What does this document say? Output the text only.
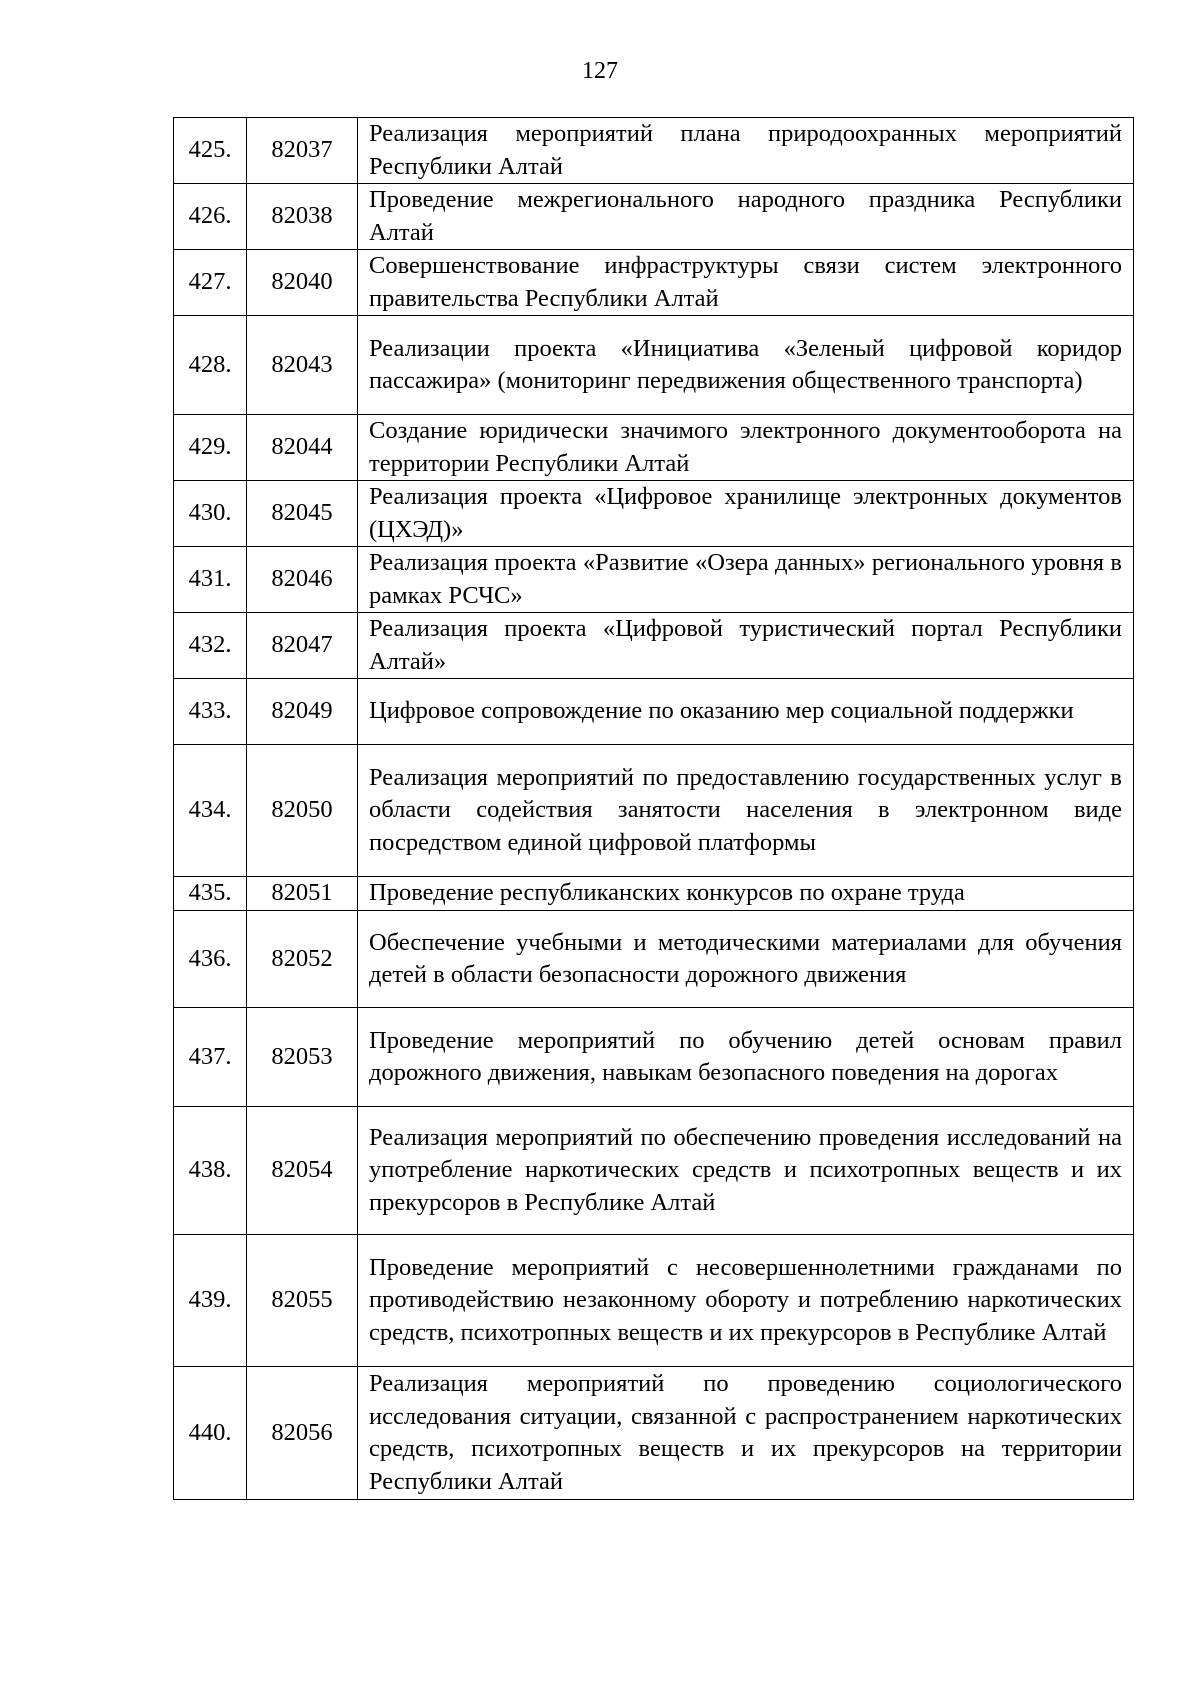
127
425.	82037	Реализация мероприятий плана природоохранных мероприятий Республики Алтай
426.	82038	Проведение межрегионального народного праздника Республики Алтай
427.	82040	Совершенствование инфраструктуры связи систем электронного правительства Республики Алтай
428.	82043	Реализации проекта «Инициатива «Зеленый цифровой коридор пассажира» (мониторинг передвижения общественного транспорта)
429.	82044	Создание юридически значимого электронного документооборота на территории Республики Алтай
430.	82045	Реализация проекта «Цифровое хранилище электронных документов (ЦХЭД)»
431.	82046	Реализация проекта «Развитие «Озера данных» регионального уровня в рамках РСЧС»
432.	82047	Реализация проекта «Цифровой туристический портал Республики Алтай»
433.	82049	Цифровое сопровождение по оказанию мер социальной поддержки
434.	82050	Реализация мероприятий по предоставлению государственных услуг в области содействия занятости населения в электронном виде посредством единой цифровой платформы
435.	82051	Проведение республиканских конкурсов по охране труда
436.	82052	Обеспечение учебными и методическими материалами для обучения детей в области безопасности дорожного движения
437.	82053	Проведение мероприятий по обучению детей основам правил дорожного движения, навыкам безопасного поведения на дорогах
438.	82054	Реализация мероприятий по обеспечению проведения исследований на употребление наркотических средств и психотропных веществ и их прекурсоров в Республике Алтай
439.	82055	Проведение мероприятий с несовершеннолетними гражданами по противодействию незаконному обороту и потреблению наркотических средств, психотропных веществ и их прекурсоров в Республике Алтай
440.	82056	Реализация мероприятий по проведению социологического исследования ситуации, связанной с распространением наркотических средств, психотропных веществ и их прекурсоров на территории Республики Алтай
